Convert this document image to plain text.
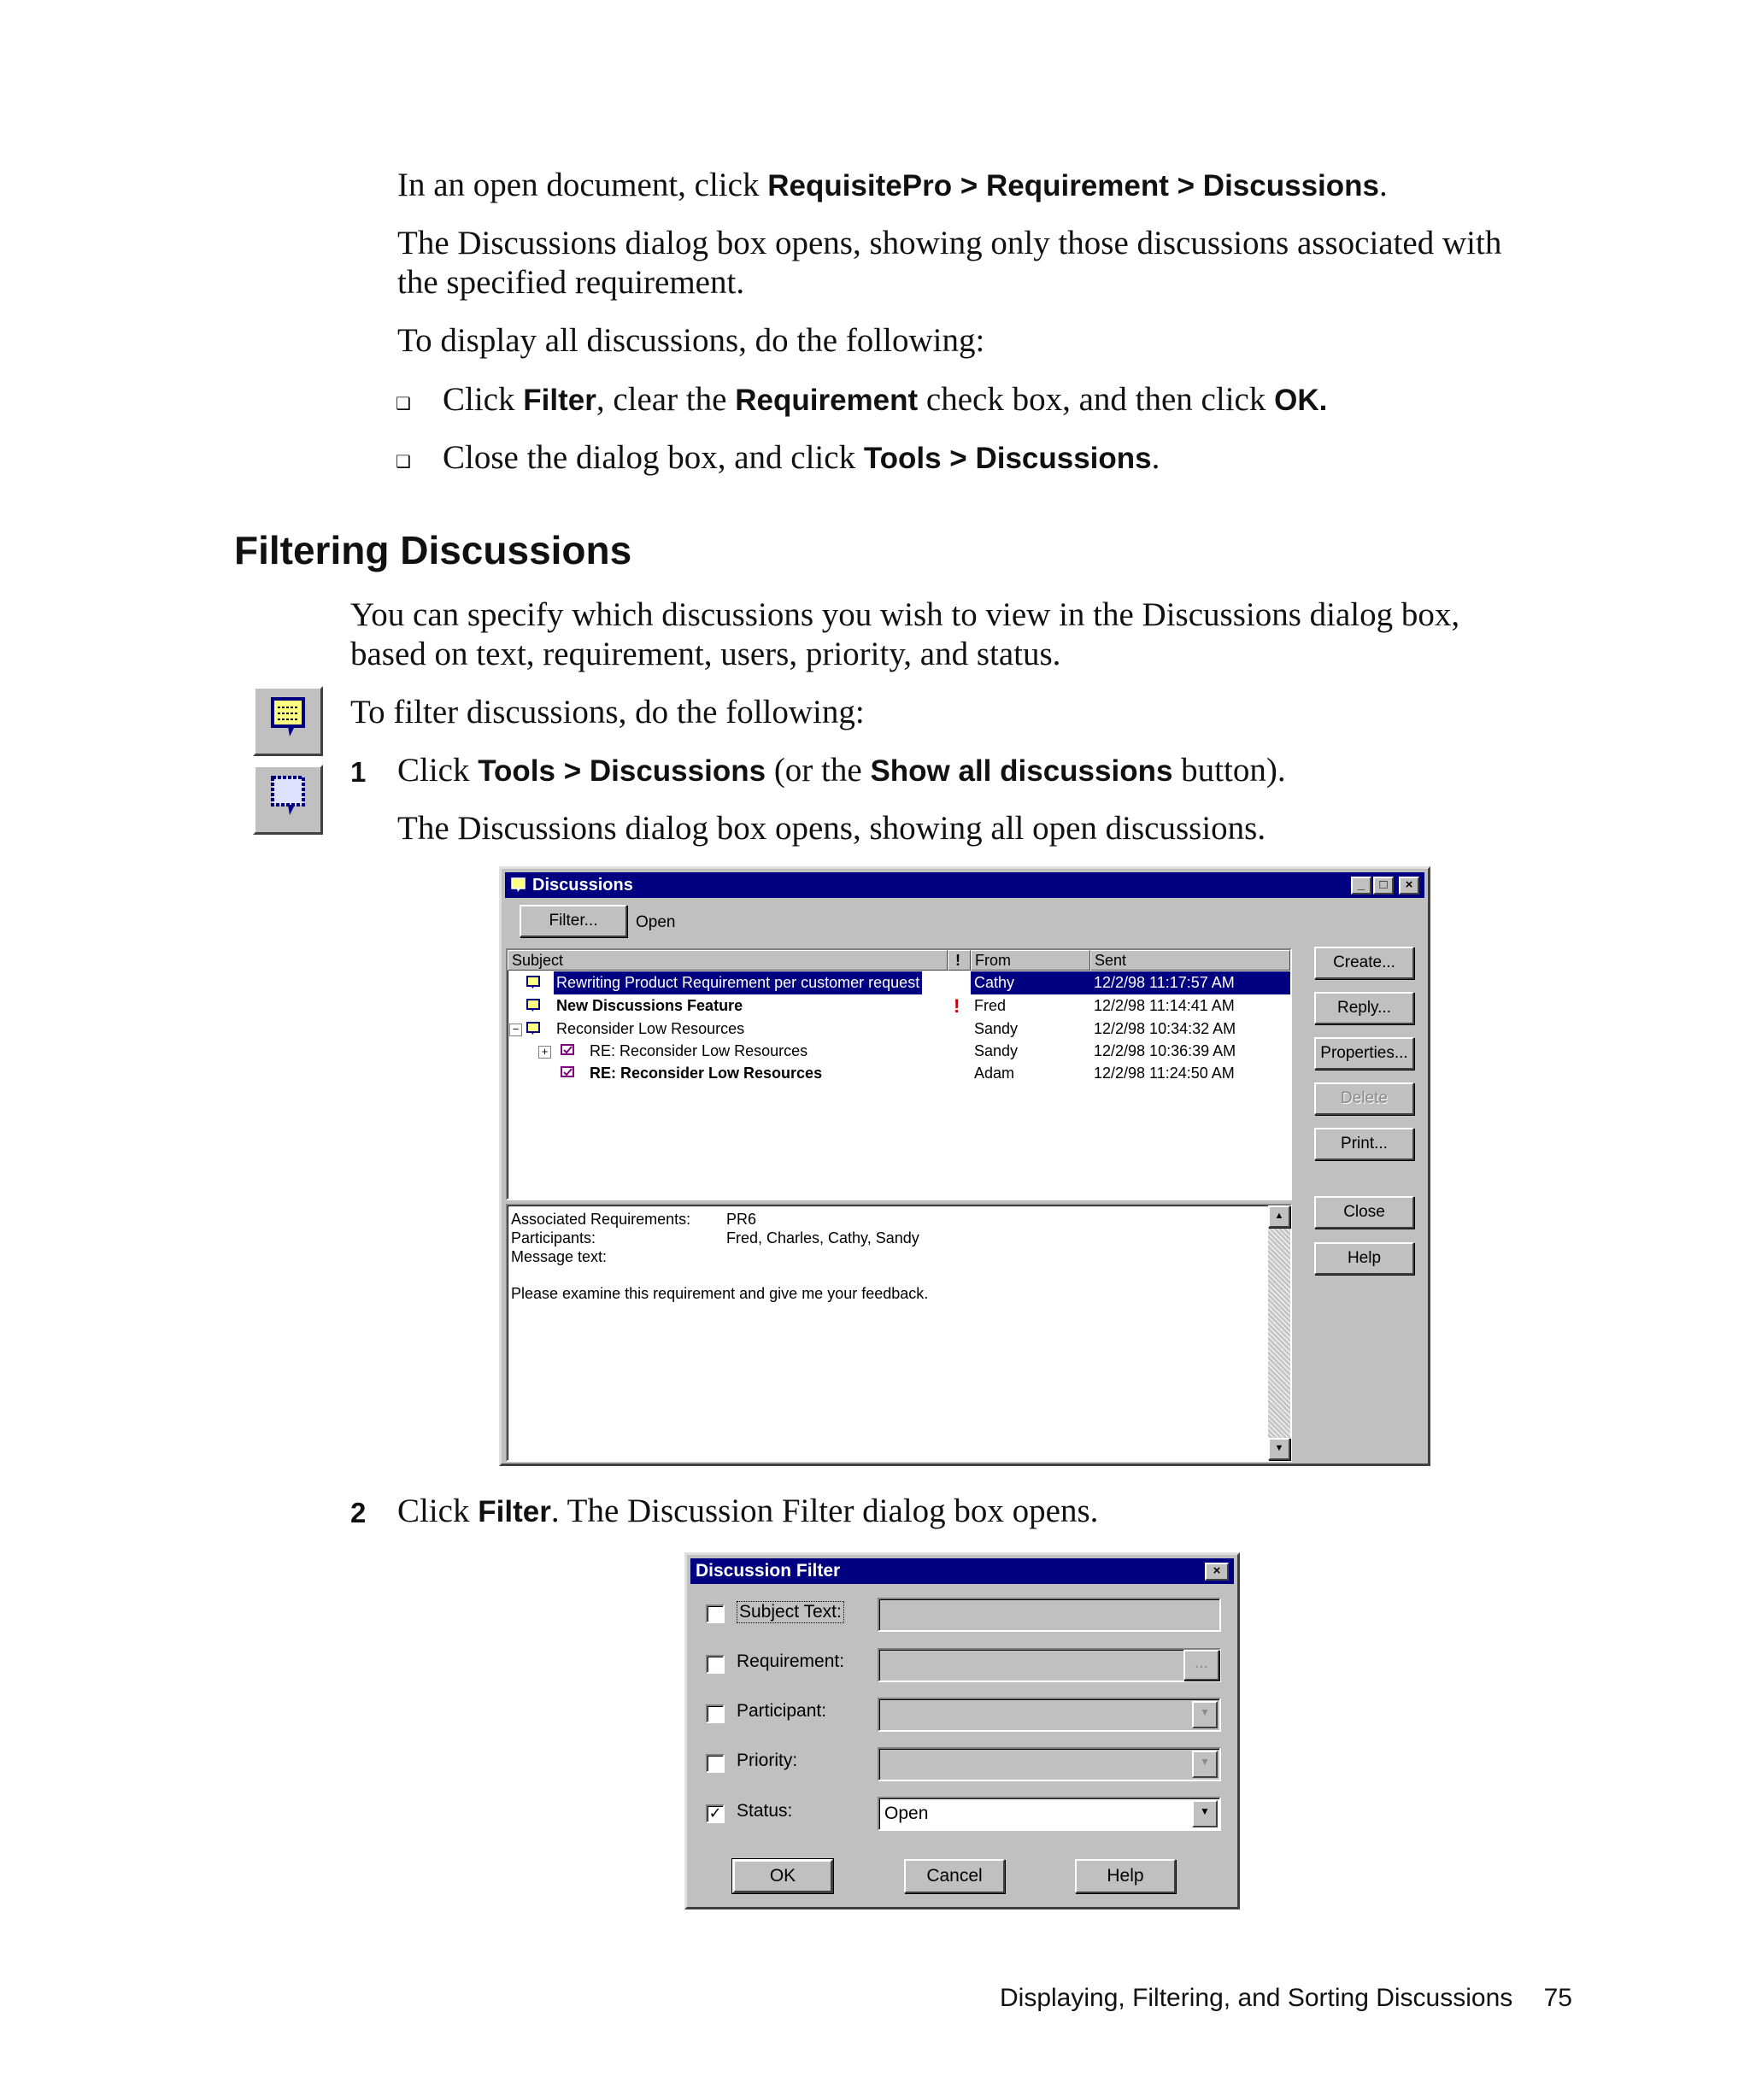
In an open document, click RequisitePro > Requirement > Discussions.
The Discussions dialog box opens, showing only those discussions associated with
the specified requirement.
To display all discussions, do the following:
❑ Click Filter, clear the Requirement check box, and then click OK.
❑ Close the dialog box, and click Tools > Discussions.
Filtering Discussions
You can specify which discussions you wish to view in the Discussions dialog box,
based on text, requirement, users, priority, and status.
To filter discussions, do the following:
1 Click Tools > Discussions (or the Show all discussions button).
The Discussions dialog box opens, showing all open discussions.
Discussions	_	□	×
Filter...	Open
Subject	! From	Sent
Rewriting Product Requirement per customer request	Cathy	12/2/98 11:17:57 AM
New Discussions Feature	! Fred	12/2/98 11:14:41 AM
− Reconsider Low Resources	Sandy	12/2/98 10:34:32 AM
+	RE: Reconsider Low Resources	Sandy	12/2/98 10:36:39 AM
RE: Reconsider Low Resources	Adam	12/2/98 11:24:50 AM
Associated Requirements: PR6
Participants:	Fred, Charles, Cathy, Sandy
Message text:
Please examine this requirement and give me your feedback.
▲
▼
Create...
Reply...
Properties...
Delete
Print...
Close
Help
2 Click Filter. The Discussion Filter dialog box opens.
Discussion Filter	×
Subject Text:
Requirement:	...
Participant:	▼
Priority:	▼
✓ Status:	Open	▼
OK	Cancel	Help
Displaying, Filtering, and Sorting Discussions 75
